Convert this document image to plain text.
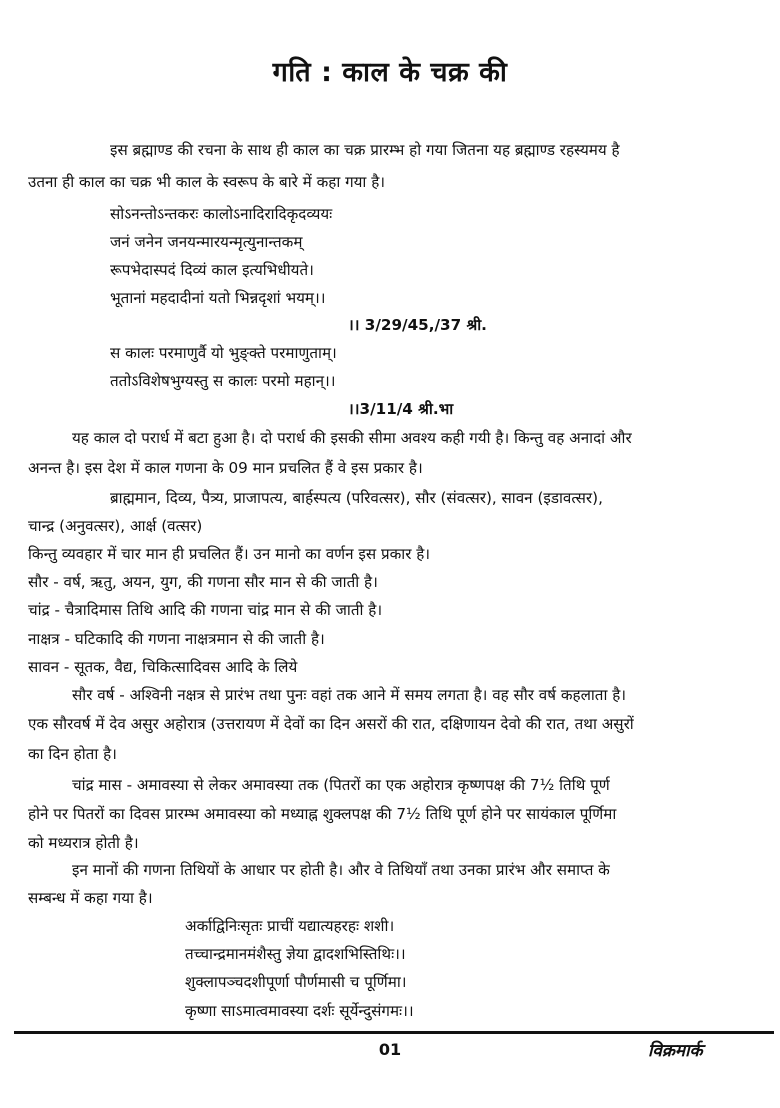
गति : काल के चक्र की
इस ब्रह्माण्ड की रचना के साथ ही काल का चक्र प्रारम्भ हो गया जितना यह ब्रह्माण्ड रहस्यमय है
उतना ही काल का चक्र भी काल के स्वरूप के बारे में कहा गया है।
सोऽनन्तोऽन्तकरः कालोऽनादिरादिकृदव्ययः
जनं जनेन जनयन्मारयन्मृत्युनान्तकम्
रूपभेदास्पदं दिव्यं काल इत्यभिधीयते।
भूतानां महदादीनां यतो भिन्नदृशां भयम्।।
।। 3/29/45,/37 श्री.
स कालः परमाणुर्वै यो भुङ्क्ते परमाणुताम्।
ततोऽविशेषभुग्यस्तु स कालः परमो महान्।।
।।3/11/4 श्री.भा
यह काल दो परार्ध में बटा हुआ है। दो परार्ध की इसकी सीमा अवश्य कही गयी है। किन्तु वह अनादां और
अनन्त है। इस देश में काल गणना के 09 मान प्रचलित हैं वे इस प्रकार है।
ब्राह्ममान, दिव्य, पैत्र्य, प्राजापत्य, बार्हस्पत्य (परिवत्सर), सौर (संवत्सर), सावन (इडावत्सर),
चान्द्र (अनुवत्सर), आर्क्ष (वत्सर)
किन्तु व्यवहार में चार मान ही प्रचलित हैं। उन मानो का वर्णन इस प्रकार है।
सौर - वर्ष, ऋतु, अयन, युग, की गणना सौर मान से की जाती है।
चांद्र - चैत्रादिमास तिथि आदि की गणना चांद्र मान से की जाती है।
नाक्षत्र - घटिकादि की गणना नाक्षत्रमान से की जाती है।
सावन - सूतक, वैद्य, चिकित्सादिवस आदि के लिये
सौर वर्ष - अश्विनी नक्षत्र से प्रारंभ तथा पुनः वहां तक आने में समय लगता है। वह सौर वर्ष कहलाता है।
एक सौरवर्ष में देव असुर अहोरात्र (उत्तरायण में देवों का दिन असरों की रात, दक्षिणायन देवो की रात, तथा असुरों
का दिन होता है।
चांद्र मास - अमावस्या से लेकर अमावस्या तक (पितरों का एक अहोरात्र कृष्णपक्ष की 7½ तिथि पूर्ण
होने पर पितरों का दिवस प्रारम्भ अमावस्या को मध्याह्न शुक्लपक्ष की 7½ तिथि पूर्ण होने पर सायंकाल पूर्णिमा
को मध्यरात्र होती है।
इन मानों की गणना तिथियों के आधार पर होती है। और वे तिथियाँ तथा उनका प्रारंभ और समाप्त के
सम्बन्ध में कहा गया है।
अर्काद्विनिःसृतः प्राचीं यद्यात्यहरहः शशी।
तच्चान्द्रमानमंशैस्तु ज्ञेया द्वादशभिस्तिथिः।।
शुक्लापञ्चदशीपूर्णा पौर्णमासी च पूर्णिमा।
कृष्णा साऽमात्वमावस्या दर्शः सूर्येन्दुसंगमः।।
01	विक्रमार्क
